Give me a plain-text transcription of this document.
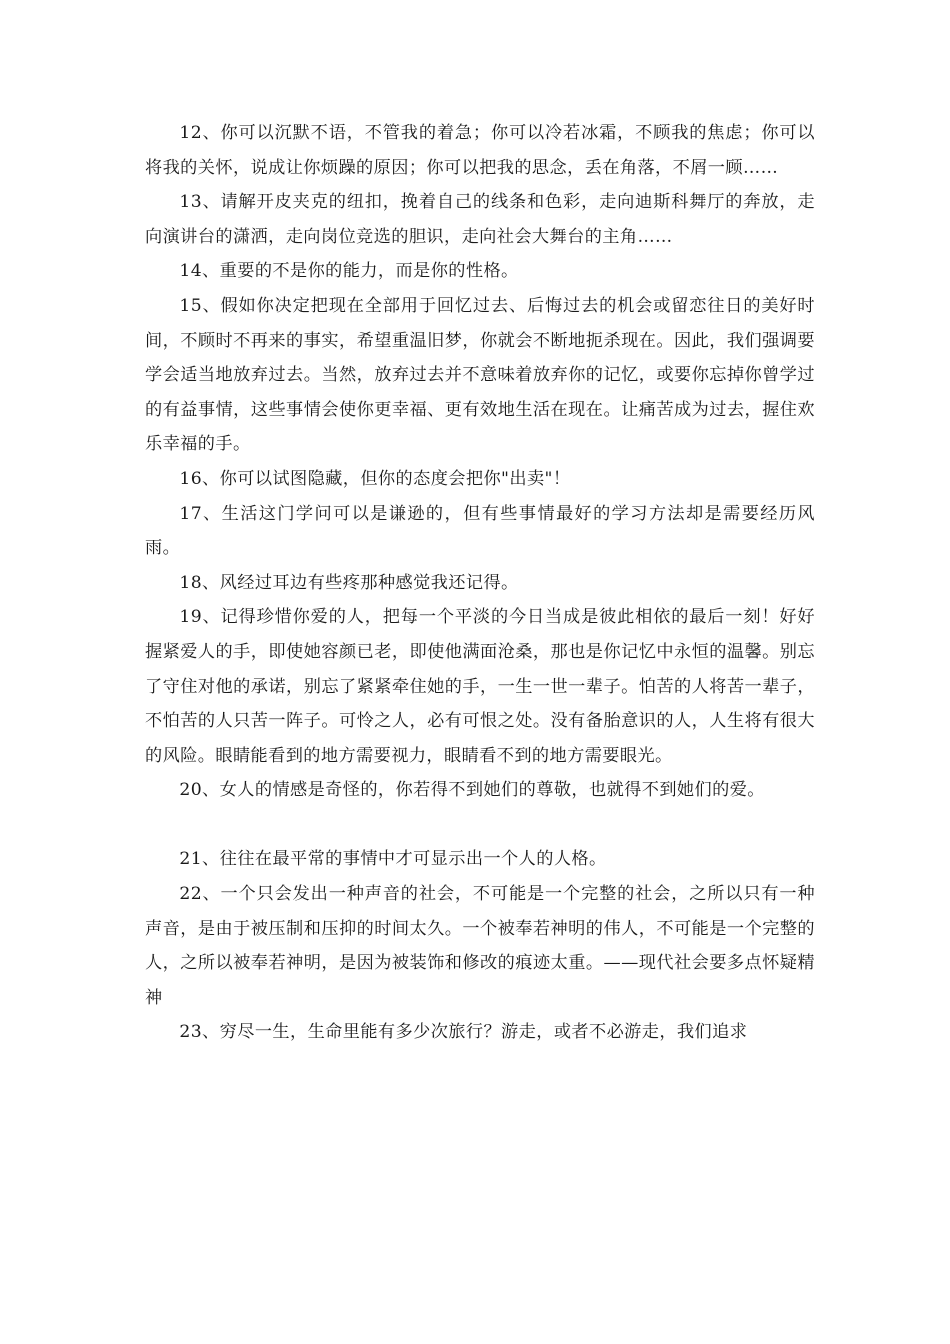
12、你可以沉默不语，不管我的着急；你可以冷若冰霜，不顾我的焦虑；你可以将我的关怀，说成让你烦躁的原因；你可以把我的思念，丢在角落，不屑一顾……

13、请解开皮夹克的纽扣，挽着自己的线条和色彩，走向迪斯科舞厅的奔放，走向演讲台的潇洒，走向岗位竞选的胆识，走向社会大舞台的主角……

14、重要的不是你的能力，而是你的性格。

15、假如你决定把现在全部用于回忆过去、后悔过去的机会或留恋往日的美好时间，不顾时不再来的事实，希望重温旧梦，你就会不断地扼杀现在。因此，我们强调要学会适当地放弃过去。当然，放弃过去并不意味着放弃你的记忆，或要你忘掉你曾学过的有益事情，这些事情会使你更幸福、更有效地生活在现在。让痛苦成为过去，握住欢乐幸福的手。

16、你可以试图隐藏，但你的态度会把你"出卖"！

17、生活这门学问可以是谦逊的，但有些事情最好的学习方法却是需要经历风雨。

18、风经过耳边有些疼那种感觉我还记得。

19、记得珍惜你爱的人，把每一个平淡的今日当成是彼此相依的最后一刻！好好握紧爱人的手，即使她容颜已老，即使他满面沧桑，那也是你记忆中永恒的温馨。别忘了守住对他的承诺，别忘了紧紧牵住她的手，一生一世一辈子。怕苦的人将苦一辈子，不怕苦的人只苦一阵子。可怜之人，必有可恨之处。没有备胎意识的人，人生将有很大的风险。眼睛能看到的地方需要视力，眼睛看不到的地方需要眼光。

20、女人的情感是奇怪的，你若得不到她们的尊敬，也就得不到她们的爱。

21、往往在最平常的事情中才可显示出一个人的人格。

22、一个只会发出一种声音的社会，不可能是一个完整的社会，之所以只有一种声音，是由于被压制和压抑的时间太久。一个被奉若神明的伟人，不可能是一个完整的人，之所以被奉若神明，是因为被装饰和修改的痕迹太重。——现代社会要多点怀疑精神

23、穷尽一生，生命里能有多少次旅行？游走，或者不必游走，我们追求
